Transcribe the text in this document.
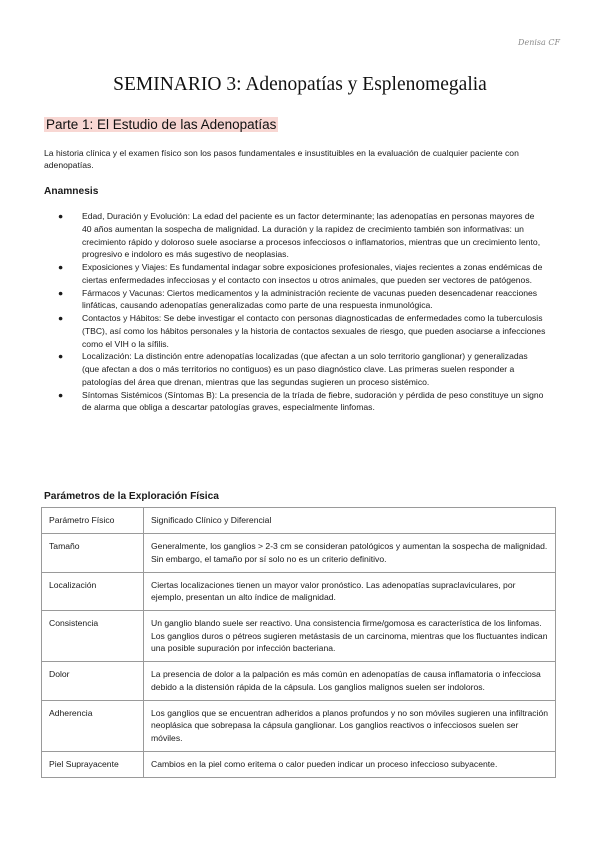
Denisa CF
SEMINARIO 3: Adenopatías y Esplenomegalia
Parte 1: El Estudio de las Adenopatías

La historia clínica y el examen físico son los pasos fundamentales e insustituibles en la evaluación de cualquier paciente con adenopatías.

Anamnesis
● Edad, Duración y Evolución: La edad del paciente es un factor determinante; las adenopatías en personas mayores de 40 años aumentan la sospecha de malignidad. La duración y la rapidez de crecimiento también son informativas: un crecimiento rápido y doloroso suele asociarse a procesos infecciosos o inflamatorios, mientras que un crecimiento lento, progresivo e indoloro es más sugestivo de neoplasias.
● Exposiciones y Viajes: Es fundamental indagar sobre exposiciones profesionales, viajes recientes a zonas endémicas de ciertas enfermedades infecciosas y el contacto con insectos u otros animales, que pueden ser vectores de patógenos.
● Fármacos y Vacunas: Ciertos medicamentos y la administración reciente de vacunas pueden desencadenar reacciones linfáticas, causando adenopatías generalizadas como parte de una respuesta inmunológica.
● Contactos y Hábitos: Se debe investigar el contacto con personas diagnosticadas de enfermedades como la tuberculosis (TBC), así como los hábitos personales y la historia de contactos sexuales de riesgo, que pueden asociarse a infecciones como el VIH o la sífilis.
● Localización: La distinción entre adenopatías localizadas (que afectan a un solo territorio ganglionar) y generalizadas (que afectan a dos o más territorios no contiguos) es un paso diagnóstico clave. Las primeras suelen responder a patologías del área que drenan, mientras que las segundas sugieren un proceso sistémico.
● Síntomas Sistémicos (Síntomas B): La presencia de la tríada de fiebre, sudoración y pérdida de peso constituye un signo de alarma que obliga a descartar patologías graves, especialmente linfomas.
Parámetros de la Exploración Física
Parámetro Físico	Significado Clínico y Diferencial
Tamaño	Generalmente, los ganglios > 2-3 cm se consideran patológicos y aumentan la sospecha de malignidad. Sin embargo, el tamaño por sí solo no es un criterio definitivo.
Localización	Ciertas localizaciones tienen un mayor valor pronóstico. Las adenopatías supraclaviculares, por ejemplo, presentan un alto índice de malignidad.
Consistencia	Un ganglio blando suele ser reactivo. Una consistencia firme/gomosa es característica de los linfomas. Los ganglios duros o pétreos sugieren metástasis de un carcinoma, mientras que los fluctuantes indican una posible supuración por infección bacteriana.
Dolor	La presencia de dolor a la palpación es más común en adenopatías de causa inflamatoria o infecciosa debido a la distensión rápida de la cápsula. Los ganglios malignos suelen ser indoloros.
Adherencia	Los ganglios que se encuentran adheridos a planos profundos y no son móviles sugieren una infiltración neoplásica que sobrepasa la cápsula ganglionar. Los ganglios reactivos o infecciosos suelen ser móviles.
Piel Suprayacente	Cambios en la piel como eritema o calor pueden indicar un proceso infeccioso subyacente.
